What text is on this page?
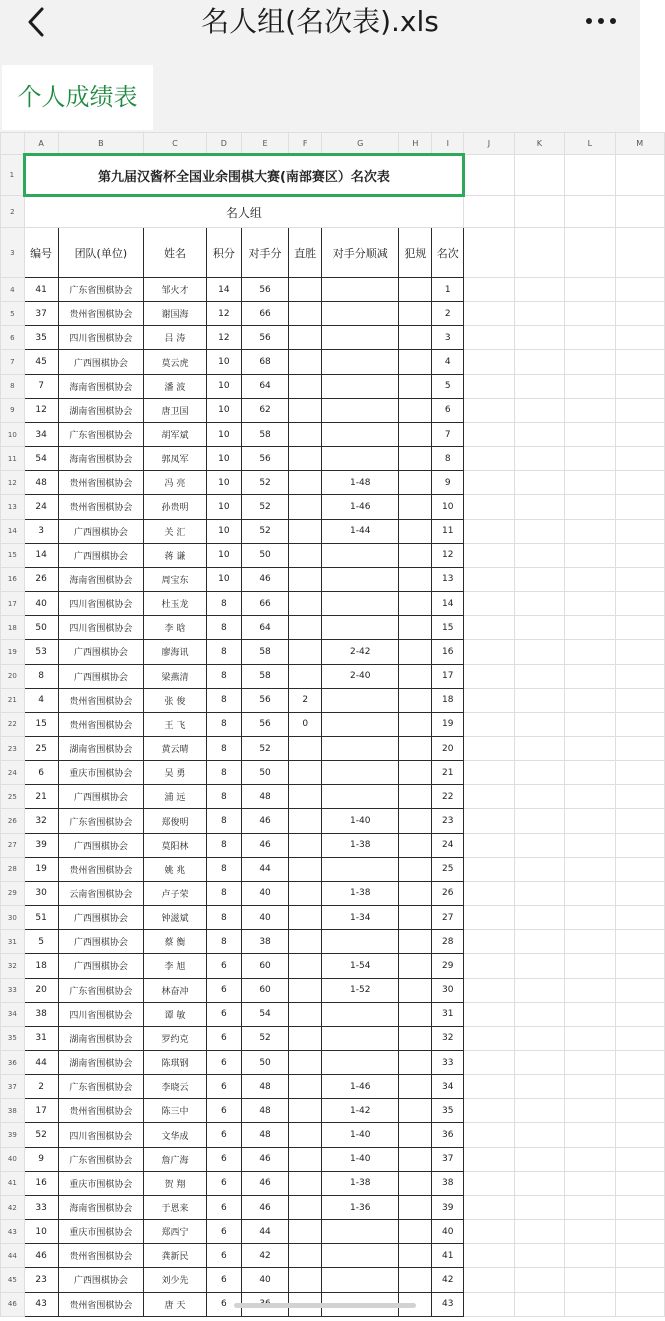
名人组(名次表).xls
个人成绩表
	A	B	C	D	E	F	G	H	I	J	K	L	M
1	第九届汉酱杯全国业余围棋大赛(南部赛区）名次表												
2	名人组												
3	编号	团队(单位)	姓名	积分	对手分	直胜	对手分顺减	犯规	名次				
4	41	广东省围棋协会	邹火才	14	56				1				
5	37	贵州省围棋协会	谢国海	12	66				2				
6	35	四川省围棋协会	吕 涛	12	56				3				
7	45	广西围棋协会	莫云虎	10	68				4				
8	7	海南省围棋协会	潘 波	10	64				5				
9	12	湖南省围棋协会	唐卫国	10	62				6				
10	34	广东省围棋协会	胡军斌	10	58				7				
11	54	海南省围棋协会	郭凤军	10	56				8				
12	48	贵州省围棋协会	冯 亮	10	52		1-48		9				
13	24	贵州省围棋协会	孙贵明	10	52		1-46		10				
14	3	广西围棋协会	关 汇	10	52		1-44		11				
15	14	广西围棋协会	蒋 谦	10	50				12				
16	26	海南省围棋协会	周宝东	10	46				13				
17	40	四川省围棋协会	杜玉龙	8	66				14				
18	50	四川省围棋协会	李 晗	8	64				15				
19	53	广西围棋协会	廖海讯	8	58		2-42		16				
20	8	广西围棋协会	梁燕清	8	58		2-40		17				
21	4	贵州省围棋协会	张 俊	8	56	2			18				
22	15	贵州省围棋协会	王 飞	8	56	0			19				
23	25	湖南省围棋协会	黄云晴	8	52				20				
24	6	重庆市围棋协会	吴 勇	8	50				21				
25	21	广西围棋协会	浦 远	8	48				22				
26	32	广东省围棋协会	郑俊明	8	46		1-40		23				
27	39	广西围棋协会	莫阳林	8	46		1-38		24				
28	19	贵州省围棋协会	姚 兆	8	44				25				
29	30	云南省围棋协会	卢子荣	8	40		1-38		26				
30	51	广西围棋协会	钟滋斌	8	40		1-34		27				
31	5	广西围棋协会	蔡 衡	8	38				28				
32	18	广西围棋协会	李 旭	6	60		1-54		29				
33	20	广东省围棋协会	林奋冲	6	60		1-52		30				
34	38	四川省围棋协会	谭 敏	6	54				31				
35	31	湖南省围棋协会	罗约克	6	52				32				
36	44	湖南省围棋协会	陈琪钢	6	50				33				
37	2	广东省围棋协会	李晓云	6	48		1-46		34				
38	17	贵州省围棋协会	陈三中	6	48		1-42		35				
39	52	四川省围棋协会	文华成	6	48		1-40		36				
40	9	广东省围棋协会	詹广海	6	46		1-40		37				
41	16	重庆市围棋协会	贺 翔	6	46		1-38		38				
42	33	海南省围棋协会	于恩来	6	46		1-36		39				
43	10	重庆市围棋协会	郑西宁	6	44				40				
44	46	贵州省围棋协会	龚新民	6	42				41				
45	23	广西围棋协会	刘少先	6	40				42				
46	43	贵州省围棋协会	唐 天	6					43				
